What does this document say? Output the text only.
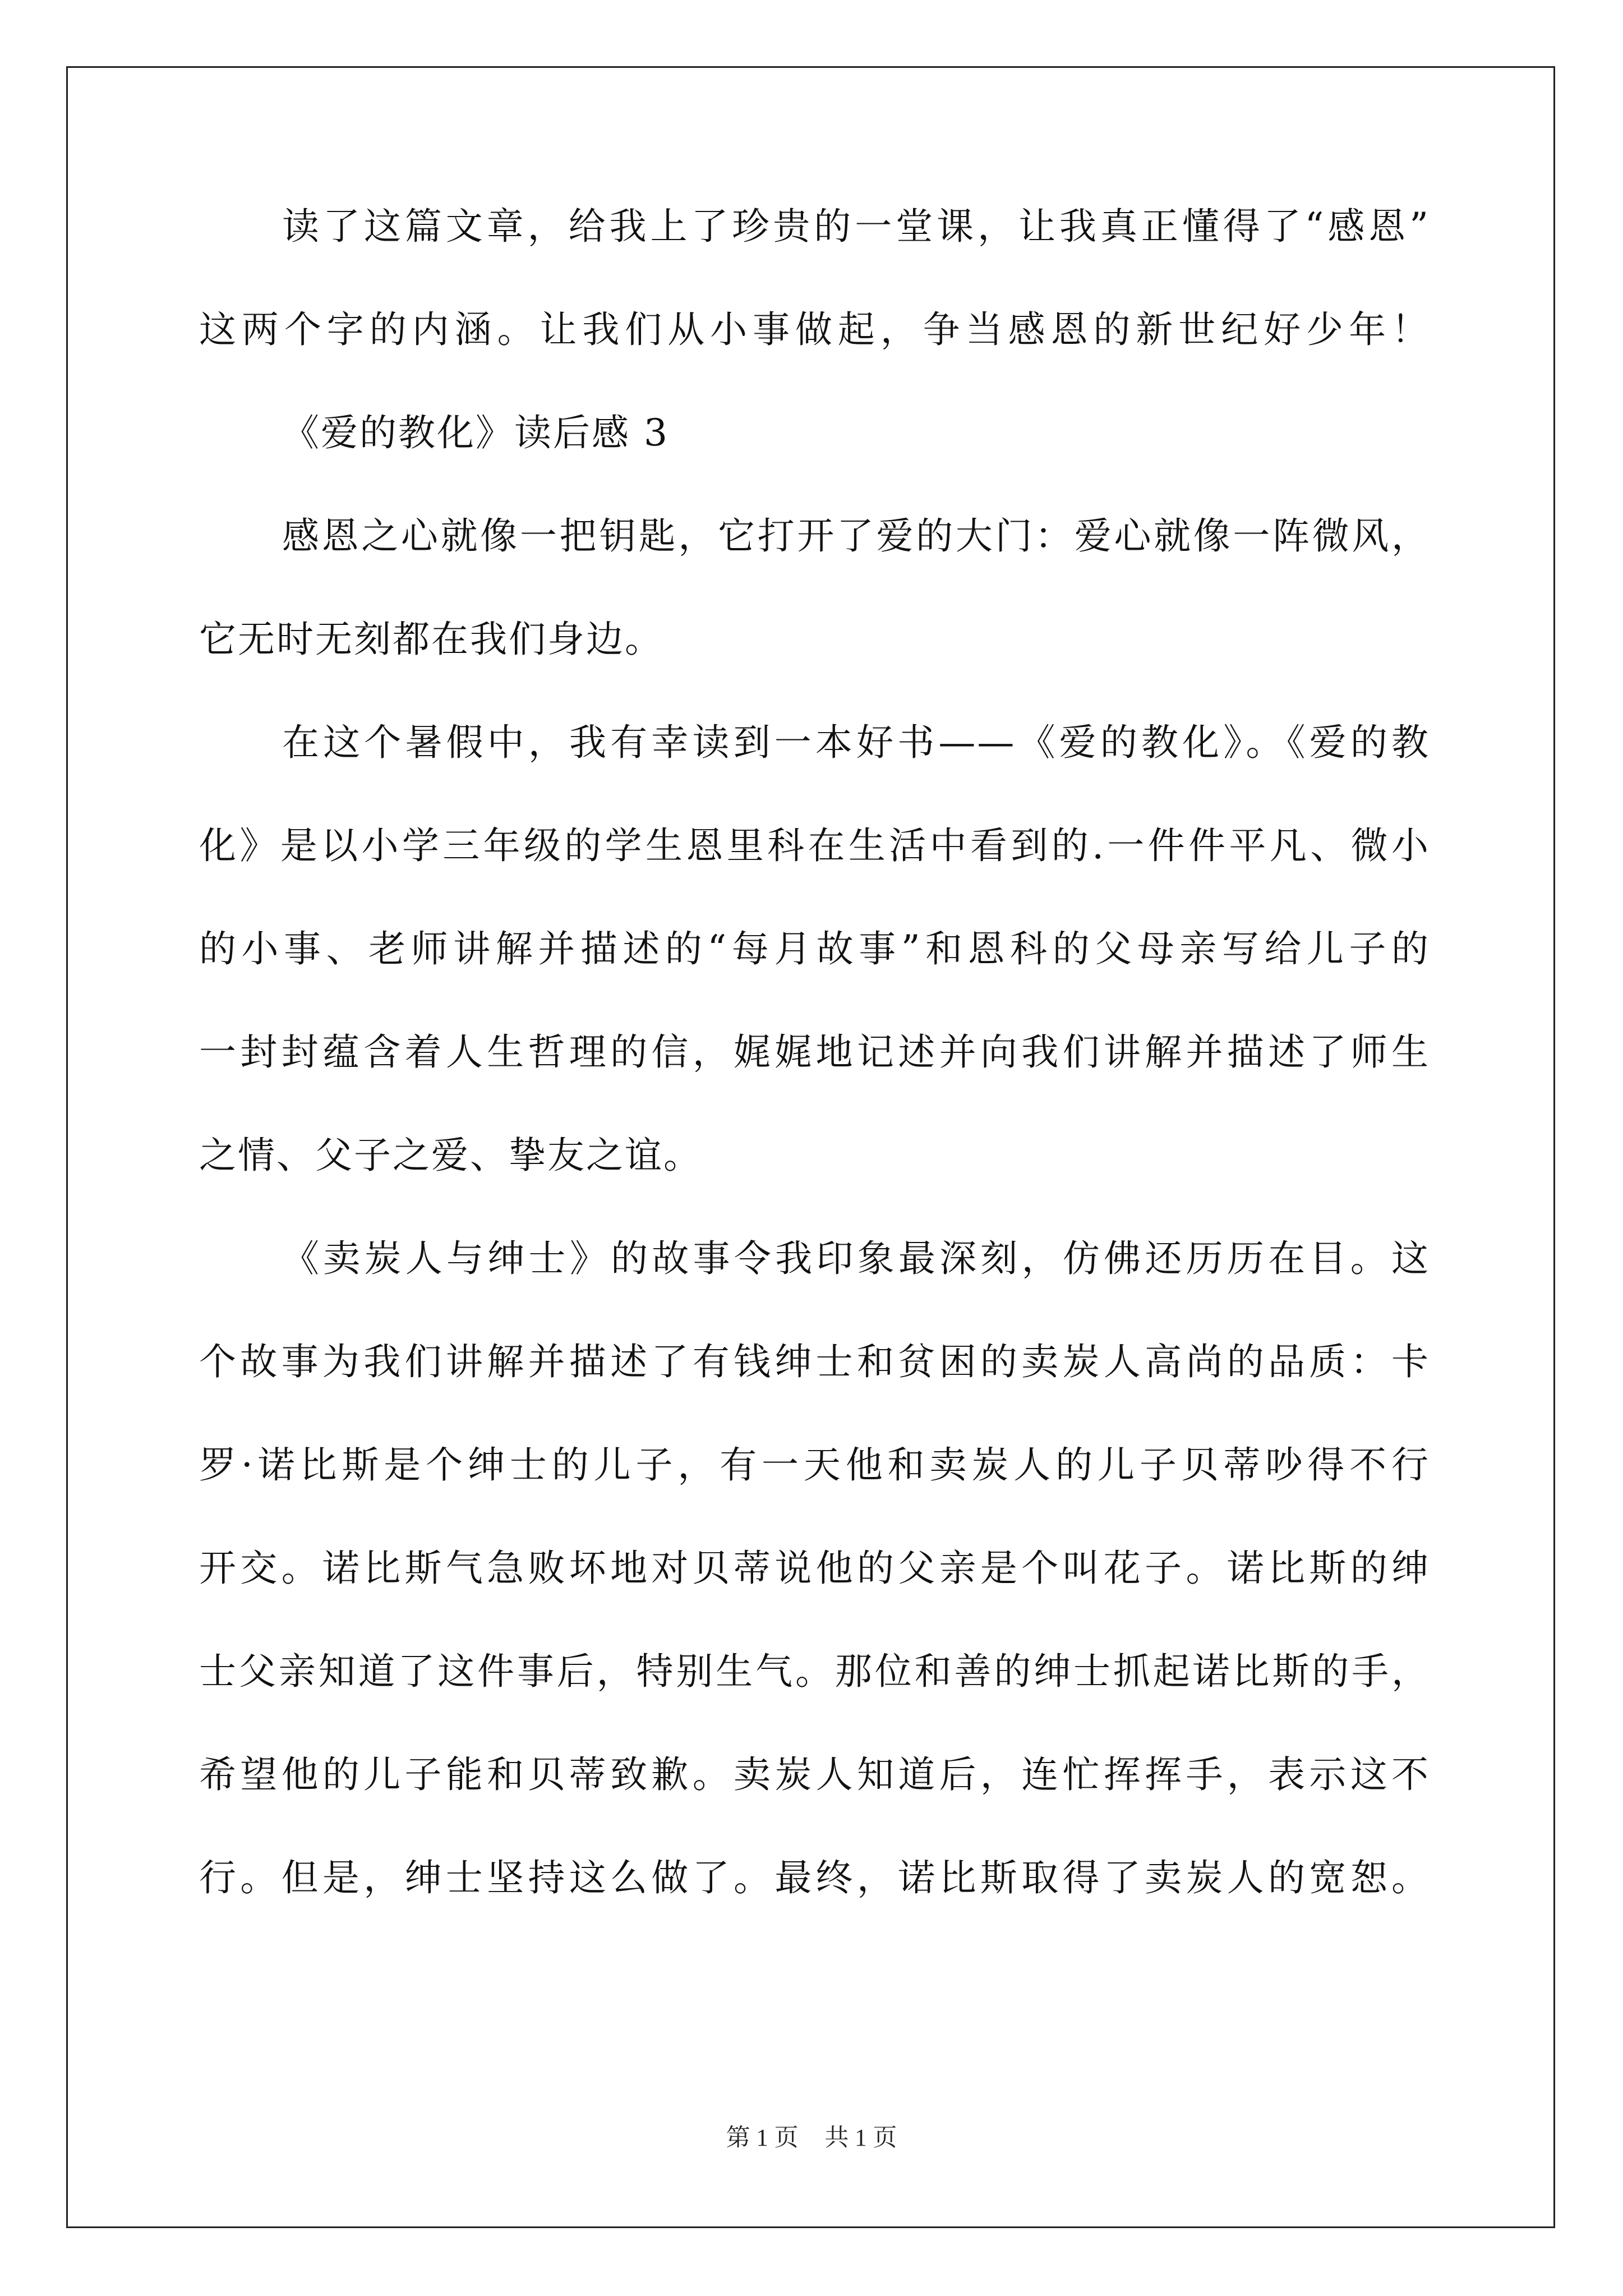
读了这篇文章，给我上了珍贵的一堂课，让我真正懂得了“感恩”
这两个字的内涵。让我们从小事做起，争当感恩的新世纪好少年！
《爱的教化》读后感 3
感恩之心就像一把钥匙，它打开了爱的大门：爱心就像一阵微风，
它无时无刻都在我们身边。
在这个暑假中，我有幸读到一本好书——《爱的教化》。《爱的教
化》是以小学三年级的学生恩里科在生活中看到的.一件件平凡、微小
的小事、老师讲解并描述的“每月故事”和恩科的父母亲写给儿子的
一封封蕴含着人生哲理的信，娓娓地记述并向我们讲解并描述了师生
之情、父子之爱、挚友之谊。
《卖炭人与绅士》的故事令我印象最深刻，仿佛还历历在目。这
个故事为我们讲解并描述了有钱绅士和贫困的卖炭人高尚的品质：卡
罗·诺比斯是个绅士的儿子，有一天他和卖炭人的儿子贝蒂吵得不行
开交。诺比斯气急败坏地对贝蒂说他的父亲是个叫花子。诺比斯的绅
士父亲知道了这件事后，特别生气。那位和善的绅士抓起诺比斯的手，
希望他的儿子能和贝蒂致歉。卖炭人知道后，连忙挥挥手，表示这不
行。但是，绅士坚持这么做了。最终，诺比斯取得了卖炭人的宽恕。
第 1 页 共 1 页
